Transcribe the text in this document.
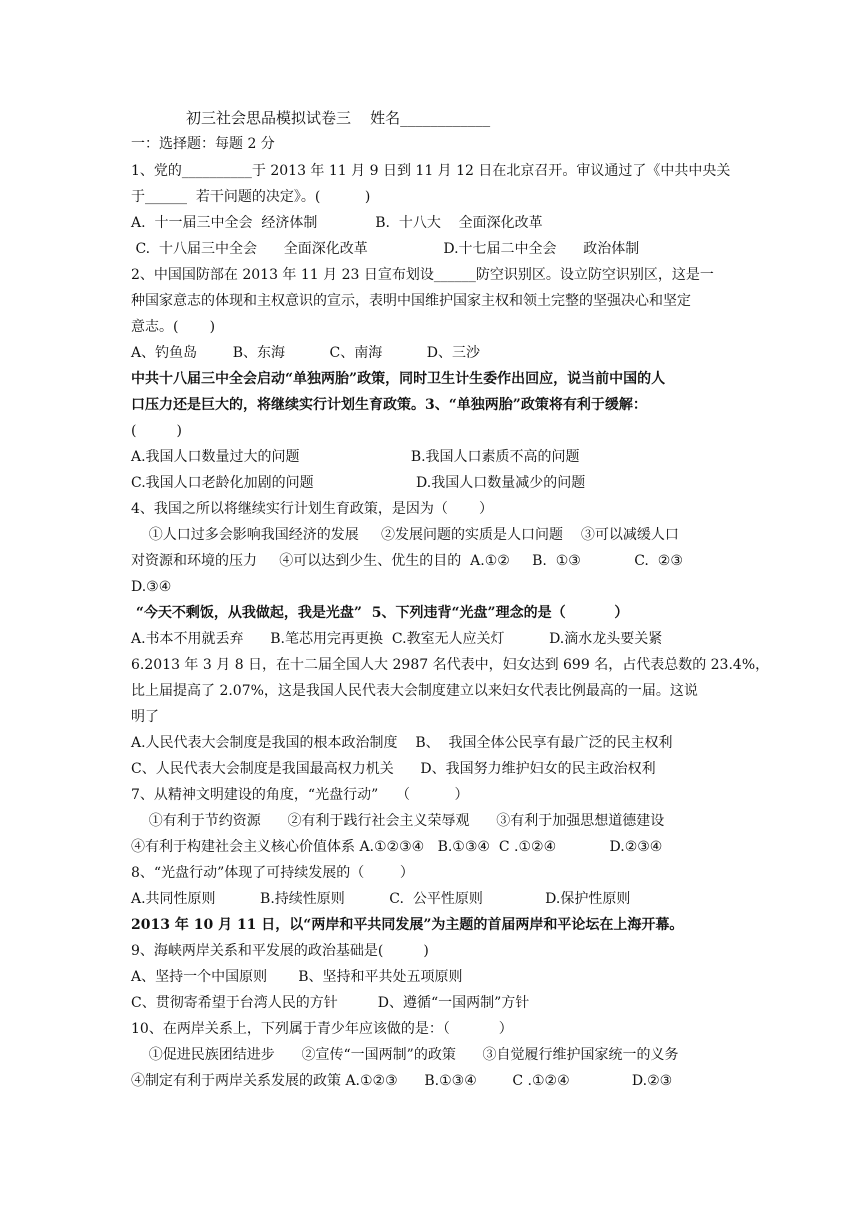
初三社会思品模拟试卷三    姓名____________
一：选择题：每题 2 分
1、党的__________于 2013 年 11 月 9 日到 11 月 12 日在北京召开。审议通过了《中共中央关
于______  若干问题的决定》。(          )
A.  十一届三中全会  经济体制             B.  十八大    全面深化改革
C.  十八届三中全会      全面深化改革                 D.十七届二中全会      政治体制
2、中国国防部在 2013 年 11 月 23 日宣布划设______防空识别区。设立防空识别区，这是一
种国家意志的体现和主权意识的宣示，表明中国维护国家主权和领土完整的坚强决心和坚定
意志。(       )
A、钓鱼岛        B、东海          C、南海          D、三沙
中共十八届三中全会启动“单独两胎”政策，同时卫生计生委作出回应，说当前中国的人
口压力还是巨大的，将继续实行计划生育政策。3、“单独两胎”政策将有利于缓解：
(         )
A.我国人口数量过大的问题                         B.我国人口素质不高的问题
C.我国人口老龄化加剧的问题                       D.我国人口数量减少的问题
4、我国之所以将继续实行计划生育政策，是因为（       ）
①人口过多会影响我国经济的发展     ②发展问题的实质是人口问题    ③可以减缓人口
对资源和环境的压力     ④可以达到少生、优生的目的  A.①②     B.  ①③            C.  ②③
D.③④
“今天不剩饭，从我做起，我是光盘”  5、下列违背“光盘”理念的是（          ）
A.书本不用就丢弃      B.笔芯用完再更换  C.教室无人应关灯          D.滴水龙头要关紧
6.2013 年 3 月 8 日，在十二届全国人大 2987 名代表中，妇女达到 699 名，占代表总数的 23.4%，
比上届提高了 2.07%，这是我国人民代表大会制度建立以来妇女代表比例最高的一届。这说
明了
A.人民代表大会制度是我国的根本政治制度    B、  我国全体公民享有最广泛的民主权利
C、人民代表大会制度是我国最高权力机关      D、我国努力维护妇女的民主政治权利
7、从精神文明建设的角度，“光盘行动”    （          ）
①有利于节约资源      ②有利于践行社会主义荣辱观      ③有利于加强思想道德建设
④有利于构建社会主义核心价值体系 A.①②③④   B.①③④  C .①②④            D.②③④
8、“光盘行动”体现了可持续发展的（        ）
A.共同性原则          B.持续性原则          C.  公平性原则              D.保护性原则
2013 年 10 月 11 日，以“两岸和平共同发展”为主题的首届两岸和平论坛在上海开幕。
9、海峡两岸关系和平发展的政治基础是(         )
A、坚持一个中国原则       B、坚持和平共处五项原则
C、贯彻寄希望于台湾人民的方针         D、遵循“一国两制”方针
10、在两岸关系上，下列属于青少年应该做的是：（           ）
①促进民族团结进步      ②宣传“一国两制”的政策      ③自觉履行维护国家统一的义务
④制定有利于两岸关系发展的政策 A.①②③      B.①③④        C .①②④              D.②③
